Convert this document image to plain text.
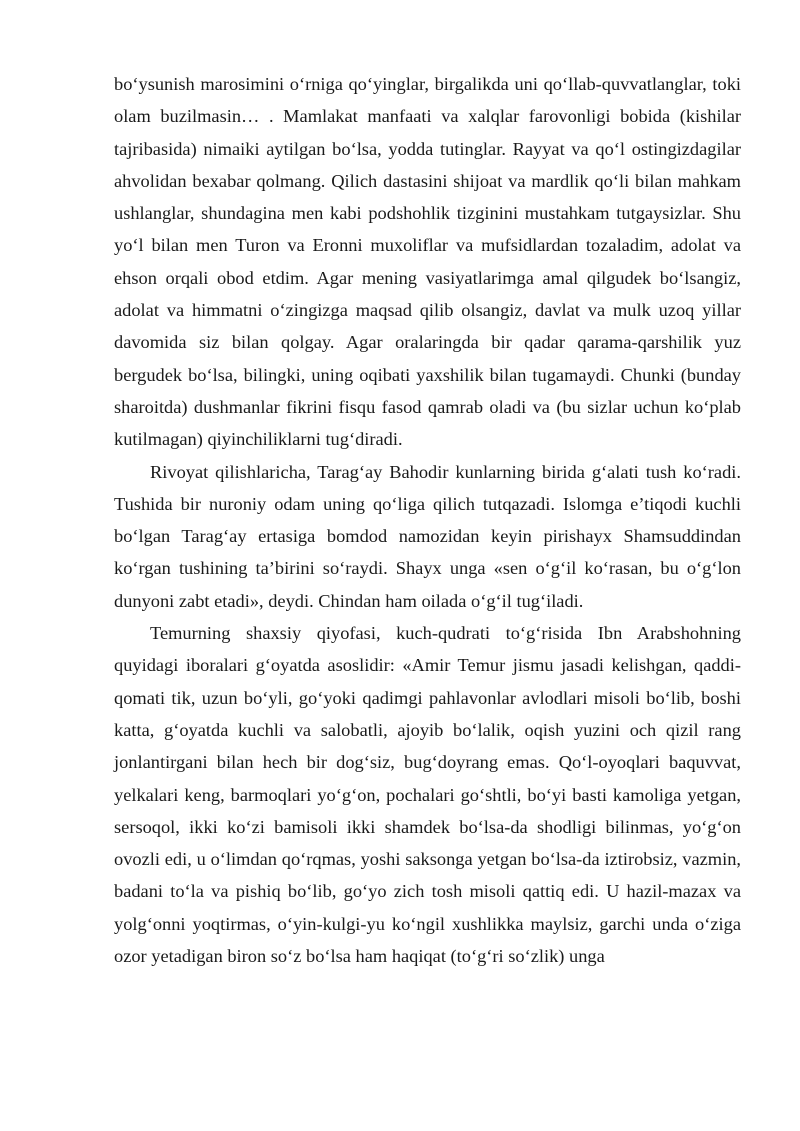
bo‘ysunish marosimini o‘rniga qo‘yinglar, birgalikda uni qo‘llab-quvvatlanglar, toki olam buzilmasin… . Mamlakat manfaati va xalqlar farovonligi bobida (kishilar tajribasida) nimaiki aytilgan bo‘lsa, yodda tutinglar. Rayyat va qo‘l ostingizdagilar ahvolidan bexabar qolmang. Qilich dastasini shijoat va mardlik qo‘li bilan mahkam ushlanglar, shundagina men kabi podshohlik tizginini mustahkam tutgaysizlar. Shu yo‘l bilan men Turon va Eronni muxoliflar va mufsidlardan tozaladim, adolat va ehson orqali obod etdim. Agar mening vasiyatlarimga amal qilgudek bo‘lsangiz, adolat va himmatni o‘zingizga maqsad qilib olsangiz, davlat va mulk uzoq yillar davomida siz bilan qolgay. Agar oralaringda bir qadar qarama-qarshilik yuz bergudek bo‘lsa, bilingki, uning oqibati yaxshilik bilan tugamaydi. Chunki (bunday sharoitda) dushmanlar fikrini fisqu fasod qamrab oladi va (bu sizlar uchun ko‘plab kutilmagan) qiyinchiliklarni tug‘diradi.

Rivoyat qilishlaricha, Tarag‘ay Bahodir kunlarning birida g‘alati tush ko‘radi. Tushida bir nuroniy odam uning qo‘liga qilich tutqazadi. Islomga e’tiqodi kuchli bo‘lgan Tarag‘ay ertasiga bomdod namozidan keyin pirishayx Shamsuddindan ko‘rgan tushining ta’birini so‘raydi. Shayx unga «sen o‘g‘il ko‘rasan, bu o‘g‘lon dunyoni zabt etadi», deydi. Chindan ham oilada o‘g‘il tug‘iladi.

Temurning shaxsiy qiyofasi, kuch-qudrati to‘g‘risida Ibn Arabshohning quyidagi iboralari g‘oyatda asoslidir: «Amir Temur jismu jasadi kelishgan, qaddi-qomati tik, uzun bo‘yli, go‘yoki qadimgi pahlavonlar avlodlari misoli bo‘lib, boshi katta, g‘oyatda kuchli va salobatli, ajoyib bo‘lalik, oqish yuzini och qizil rang jonlantirgani bilan hech bir dog‘siz, bug‘doyrang emas. Qo‘l-oyoqlari baquvvat, yelkalari keng, barmoqlari yo‘g‘on, pochalari go‘shtli, bo‘yi basti kamoliga yetgan, sersoqol, ikki ko‘zi bamisoli ikki shamdek bo‘lsa-da shodligi bilinmas, yo‘g‘on ovozli edi, u o‘limdan qo‘rqmas, yoshi saksonga yetgan bo‘lsa-da iztirobsiz, vazmin, badani to‘la va pishiq bo‘lib, go‘yo zich tosh misoli qattiq edi. U hazil-mazax va yolg‘onni yoqtirmas, o‘yin-kulgi-yu ko‘ngil xushlikka maylsiz, garchi unda o‘ziga ozor yetadigan biron so‘z bo‘lsa ham haqiqat (to‘g‘ri so‘zlik) unga
